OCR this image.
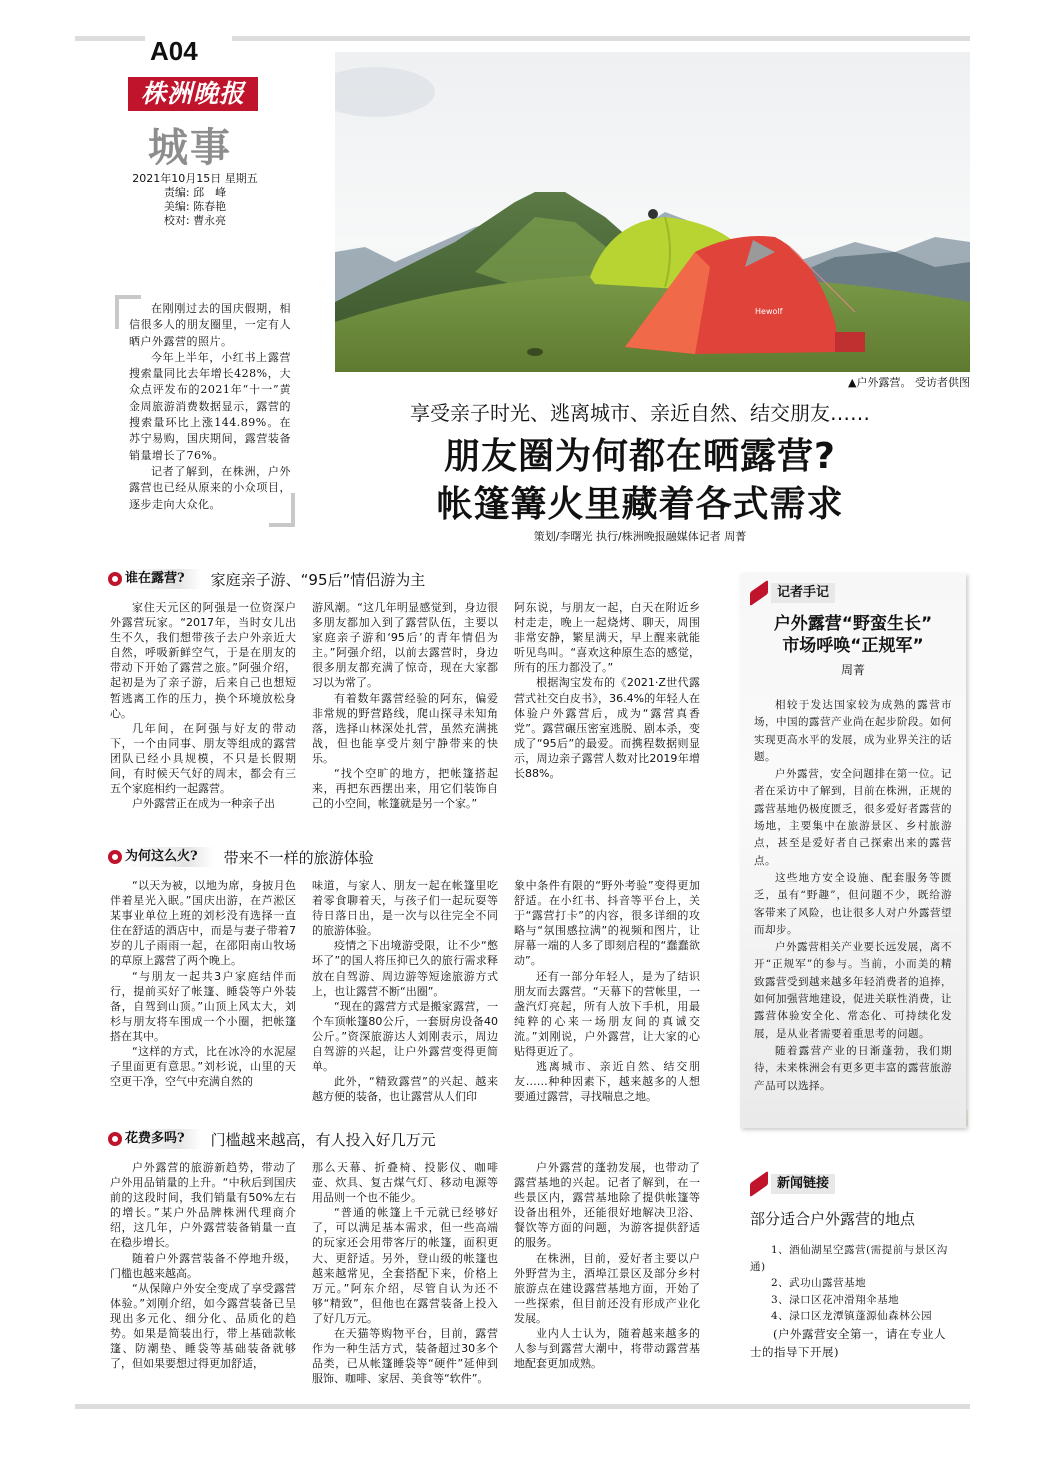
A04
株洲晚报
城事
2021年10月15日 星期五
责编: 邱　峰
美编: 陈春艳
校对: 曹永亮
Hewolf
▲户外露营。 受访者供图

在刚刚过去的国庆假期，相信很多人的朋友圈里，一定有人晒户外露营的照片。

今年上半年，小红书上露营搜索量同比去年增长428%，大众点评发布的2021年“十一”黄金周旅游消费数据显示，露营的搜索量环比上涨144.89%。在苏宁易购，国庆期间，露营装备销量增长了76%。

记者了解到，在株洲，户外露营也已经从原来的小众项目，逐步走向大众化。

享受亲子时光、逃离城市、亲近自然、结交朋友……
朋友圈为何都在晒露营?
帐篷篝火里藏着各式需求
策划/李曙光 执行/株洲晚报融媒体记者 周菁
谁在露营?	家庭亲子游、“95后”情侣游为主

家住天元区的阿强是一位资深户外露营玩家。“2017年，当时女儿出生不久，我们想带孩子去户外亲近大自然，呼吸新鲜空气，于是在朋友的带动下开始了露营之旅。”阿强介绍，起初是为了亲子游，后来自己也想短暂逃离工作的压力，换个环境放松身心。

几年间，在阿强与好友的带动下，一个由同事、朋友等组成的露营团队已经小具规模，不只是长假期间，有时候天气好的周末，都会有三五个家庭相约一起露营。

户外露营正在成为一种亲子出

游风潮。“这几年明显感觉到，身边很多朋友都加入到了露营队伍，主要以家庭亲子游和‘95后’的青年情侣为主。”阿强介绍，以前去露营时，身边很多朋友都充满了惊奇，现在大家都习以为常了。

有着数年露营经验的阿东，偏爱非常规的野营路线，爬山探寻未知角落，选择山林深处扎营，虽然充满挑战，但也能享受片刻宁静带来的快乐。

“找个空旷的地方，把帐篷搭起来，再把东西摆出来，用它们装饰自己的小空间，帐篷就是另一个家。”

阿东说，与朋友一起，白天在附近乡村走走，晚上一起烧烤、聊天，周围非常安静，繁星满天，早上醒来就能听见鸟叫。“喜欢这种原生态的感觉，所有的压力都没了。”

根据淘宝发布的《2021·Z世代露营式社交白皮书》，36.4%的年轻人在体验户外露营后，成为“露营真香党”。露营碾压密室逃脱、剧本杀，变成了“95后”的最爱。而携程数据则显示，周边亲子露营人数对比2019年增长88%。

为何这么火?	带来不一样的旅游体验

“以天为被，以地为席，身披月色伴着星光入眠。”国庆出游，在芦淞区某事业单位上班的刘杉没有选择一直住在舒适的酒店中，而是与妻子带着7岁的儿子雨雨一起，在邵阳南山牧场的草原上露营了两个晚上。

“与朋友一起共3户家庭结伴而行，提前买好了帐篷、睡袋等户外装备，自驾到山顶。”山顶上风太大，刘杉与朋友将车围成一个小圈，把帐篷搭在其中。

“这样的方式，比在冰冷的水泥屋子里面更有意思。”刘杉说，山里的天空更干净，空气中充满自然的

味道，与家人、朋友一起在帐篷里吃着零食聊着天，与孩子们一起玩耍等待日落日出，是一次与以往完全不同的旅游体验。

疫情之下出境游受限，让不少“憋坏了”的国人将压抑已久的旅行需求释放在自驾游、周边游等短途旅游方式上，也让露营不断“出圈”。

“现在的露营方式是搬家露营，一个车顶帐篷80公斤，一套厨房设备40公斤。”资深旅游达人刘刚表示，周边自驾游的兴起，让户外露营变得更简单。

此外，“精致露营”的兴起、越来越方便的装备，也让露营从人们印

象中条件有限的“野外考验”变得更加舒适。在小红书、抖音等平台上，关于“露营打卡”的内容，很多详细的攻略与“氛围感拉满”的视频和图片，让屏幕一端的人多了即刻启程的“蠢蠢欲动”。

还有一部分年轻人，是为了结识朋友而去露营。“天幕下的营帐里，一盏汽灯亮起，所有人放下手机，用最纯粹的心来一场朋友间的真诚交流。”刘刚说，户外露营，让大家的心贴得更近了。

逃离城市、亲近自然、结交朋友……种种因素下，越来越多的人想要通过露营，寻找喘息之地。

花费多吗?	门槛越来越高，有人投入好几万元

户外露营的旅游新趋势，带动了户外用品销量的上升。“中秋后到国庆前的这段时间，我们销量有50%左右的增长。”某户外品牌株洲代理商介绍，这几年，户外露营装备销量一直在稳步增长。

随着户外露营装备不停地升级，门槛也越来越高。

“从保障户外安全变成了享受露营体验。”刘刚介绍，如今露营装备已呈现出多元化、细分化、品质化的趋势。如果是简装出行，带上基础款帐篷、防潮垫、睡袋等基础装备就够了，但如果要想过得更加舒适，

那么天幕、折叠椅、投影仪、咖啡壶、炊具、复古煤气灯、移动电源等用品则一个也不能少。

“普通的帐篷上千元就已经够好了，可以满足基本需求，但一些高端的玩家还会用带客厅的帐篷，面积更大、更舒适。另外，登山级的帐篷也越来越常见，全套搭配下来，价格上万元。”阿东介绍，尽管自认为还不够“精致”，但他也在露营装备上投入了好几万元。

在天猫等购物平台，目前，露营作为一种生活方式，装备超过30多个品类，已从帐篷睡袋等“硬件”延伸到服饰、咖啡、家居、美食等“软件”。

户外露营的蓬勃发展，也带动了露营基地的兴起。记者了解到，在一些景区内，露营基地除了提供帐篷等设备出租外，还能很好地解决卫浴、餐饮等方面的问题，为游客提供舒适的服务。

在株洲，目前，爱好者主要以户外野营为主，酒埠江景区及部分乡村旅游点在建设露营基地方面，开始了一些探索，但目前还没有形成产业化发展。

业内人士认为，随着越来越多的人参与到露营大潮中，将带动露营基地配套更加成熟。

记者手记
户外露营“野蛮生长”
市场呼唤“正规军”
周菁

相较于发达国家较为成熟的露营市场，中国的露营产业尚在起步阶段。如何实现更高水平的发展，成为业界关注的话题。

户外露营，安全问题排在第一位。记者在采访中了解到，目前在株洲，正规的露营基地仍极度匮乏，很多爱好者露营的场地，主要集中在旅游景区、乡村旅游点，甚至是爱好者自己探索出来的露营点。

这些地方安全设施、配套服务等匮乏，虽有“野趣”，但问题不少，既给游客带来了风险，也让很多人对户外露营望而却步。

户外露营相关产业要长远发展，离不开“正规军”的参与。当前，小而美的精致露营受到越来越多年轻消费者的追捧，如何加强营地建设，促进关联性消费，让露营体验安全化、常态化、可持续化发展，是从业者需要着重思考的问题。

随着露营产业的日渐蓬勃，我们期待，未来株洲会有更多更丰富的露营旅游产品可以选择。

新闻链接
部分适合户外露营的地点

1、酒仙湖星空露营(需提前与景区沟通)

2、武功山露营基地

3、渌口区花冲滑翔伞基地

4、渌口区龙潭镇蓬源仙森林公园

(户外露营安全第一，请在专业人士的指导下开展)
